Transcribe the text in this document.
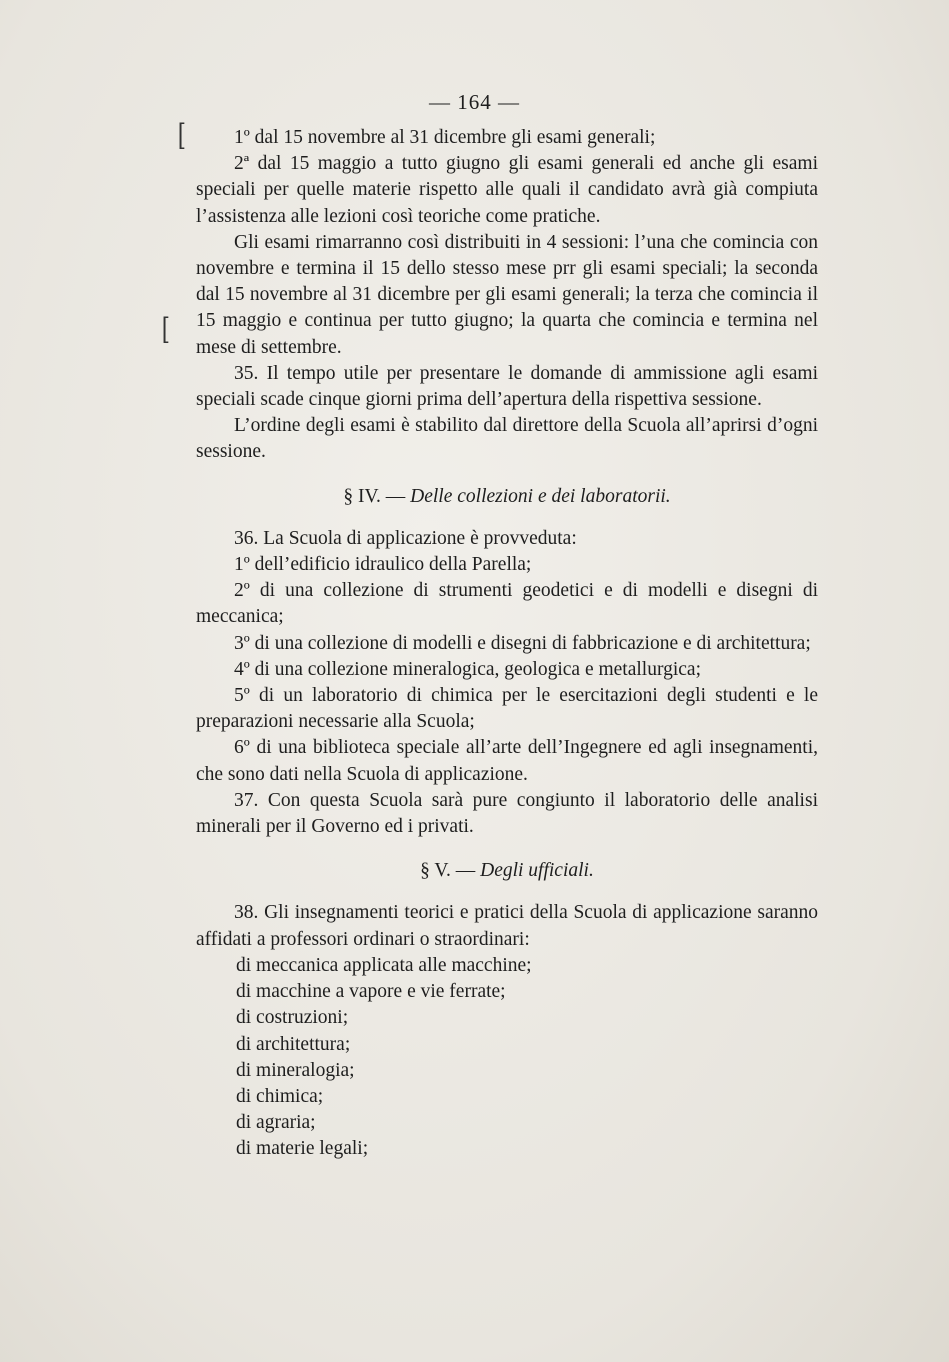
— 164 —
[
[

1º dal 15 novembre al 31 dicembre gli esami generali;

2ª dal 15 maggio a tutto giugno gli esami generali ed anche gli esami speciali per quelle materie rispetto alle quali il candidato avrà già compiuta l’assistenza alle lezioni così teoriche come pratiche.

Gli esami rimarranno così distribuiti in 4 sessioni: l’una che comincia con novembre e termina il 15 dello stesso mese prr gli esami speciali; la seconda dal 15 novembre al 31 dicembre per gli esami generali; la terza che comincia il 15 maggio e continua per tutto giugno; la quarta che comincia e termina nel mese di settembre.

35. Il tempo utile per presentare le domande di ammissione agli esami speciali scade cinque giorni prima dell’apertura della rispettiva sessione.

L’ordine degli esami è stabilito dal direttore della Scuola all’aprirsi d’ogni sessione.

§ IV. — Delle collezioni e dei laboratorii.

36. La Scuola di applicazione è provveduta:

1º dell’edificio idraulico della Parella;

2º di una collezione di strumenti geodetici e di modelli e disegni di meccanica;

3º di una collezione di modelli e disegni di fabbricazione e di architettura;

4º di una collezione mineralogica, geologica e metallurgica;

5º di un laboratorio di chimica per le esercitazioni degli studenti e le preparazioni necessarie alla Scuola;

6º di una biblioteca speciale all’arte dell’Ingegnere ed agli insegnamenti, che sono dati nella Scuola di applicazione.

37. Con questa Scuola sarà pure congiunto il laboratorio delle analisi minerali per il Governo ed i privati.

§ V. — Degli ufficiali.

38. Gli insegnamenti teorici e pratici della Scuola di applicazione saranno affidati a professori ordinari o straordinari:

di meccanica applicata alle macchine;

di macchine a vapore e vie ferrate;

di costruzioni;

di architettura;

di mineralogia;

di chimica;

di agraria;

di materie legali;
